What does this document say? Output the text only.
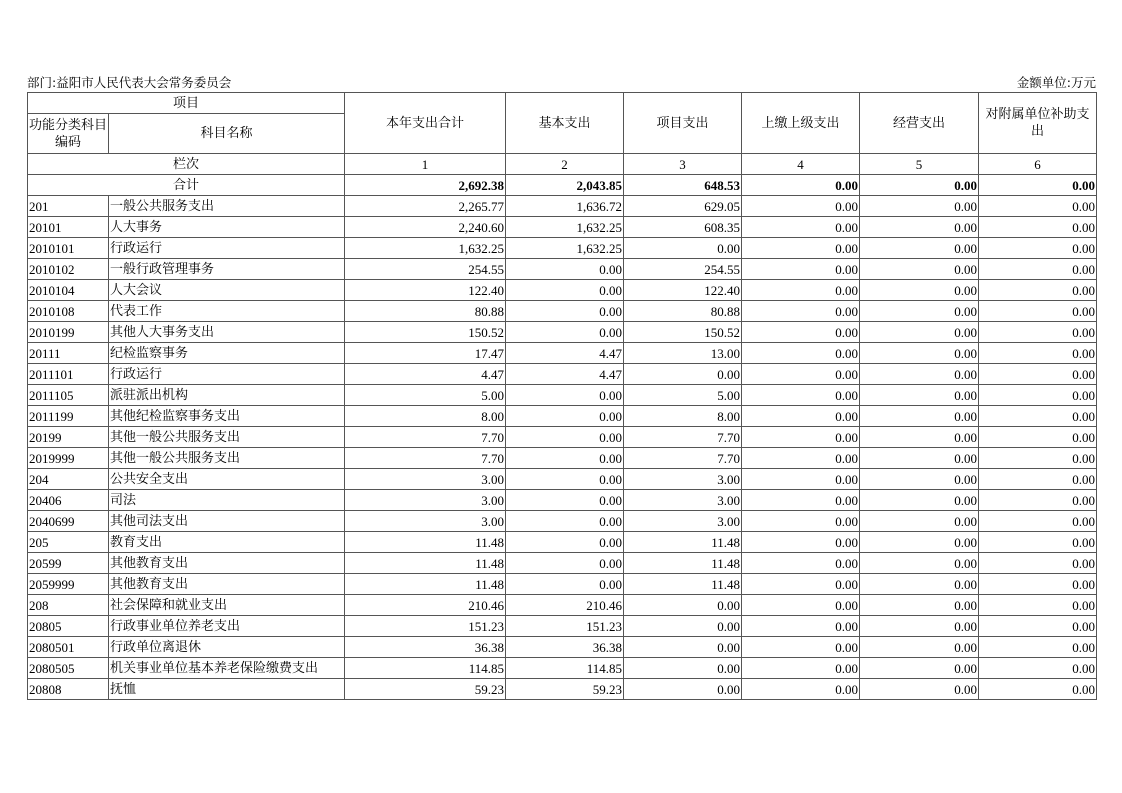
部门:益阳市人民代表大会常务委员会	金额单位:万元
项目		本年支出合计	基本支出	项目支出	上缴上级支出	经营支出	对附属单位补助支出
功能分类科目编码	科目名称						
栏次		1	2	3	4	5	6
合计		2,692.38	2,043.85	648.53	0.00	0.00	0.00
201	一般公共服务支出	2,265.77	1,636.72	629.05	0.00	0.00	0.00
20101	人大事务	2,240.60	1,632.25	608.35	0.00	0.00	0.00
2010101	行政运行	1,632.25	1,632.25	0.00	0.00	0.00	0.00
2010102	一般行政管理事务	254.55	0.00	254.55	0.00	0.00	0.00
2010104	人大会议	122.40	0.00	122.40	0.00	0.00	0.00
2010108	代表工作	80.88	0.00	80.88	0.00	0.00	0.00
2010199	其他人大事务支出	150.52	0.00	150.52	0.00	0.00	0.00
20111	纪检监察事务	17.47	4.47	13.00	0.00	0.00	0.00
2011101	行政运行	4.47	4.47	0.00	0.00	0.00	0.00
2011105	派驻派出机构	5.00	0.00	5.00	0.00	0.00	0.00
2011199	其他纪检监察事务支出	8.00	0.00	8.00	0.00	0.00	0.00
20199	其他一般公共服务支出	7.70	0.00	7.70	0.00	0.00	0.00
2019999	其他一般公共服务支出	7.70	0.00	7.70	0.00	0.00	0.00
204	公共安全支出	3.00	0.00	3.00	0.00	0.00	0.00
20406	司法	3.00	0.00	3.00	0.00	0.00	0.00
2040699	其他司法支出	3.00	0.00	3.00	0.00	0.00	0.00
205	教育支出	11.48	0.00	11.48	0.00	0.00	0.00
20599	其他教育支出	11.48	0.00	11.48	0.00	0.00	0.00
2059999	其他教育支出	11.48	0.00	11.48	0.00	0.00	0.00
208	社会保障和就业支出	210.46	210.46	0.00	0.00	0.00	0.00
20805	行政事业单位养老支出	151.23	151.23	0.00	0.00	0.00	0.00
2080501	行政单位离退休	36.38	36.38	0.00	0.00	0.00	0.00
2080505	机关事业单位基本养老保险缴费支出	114.85	114.85	0.00	0.00	0.00	0.00
20808	抚恤	59.23	59.23	0.00	0.00	0.00	0.00
